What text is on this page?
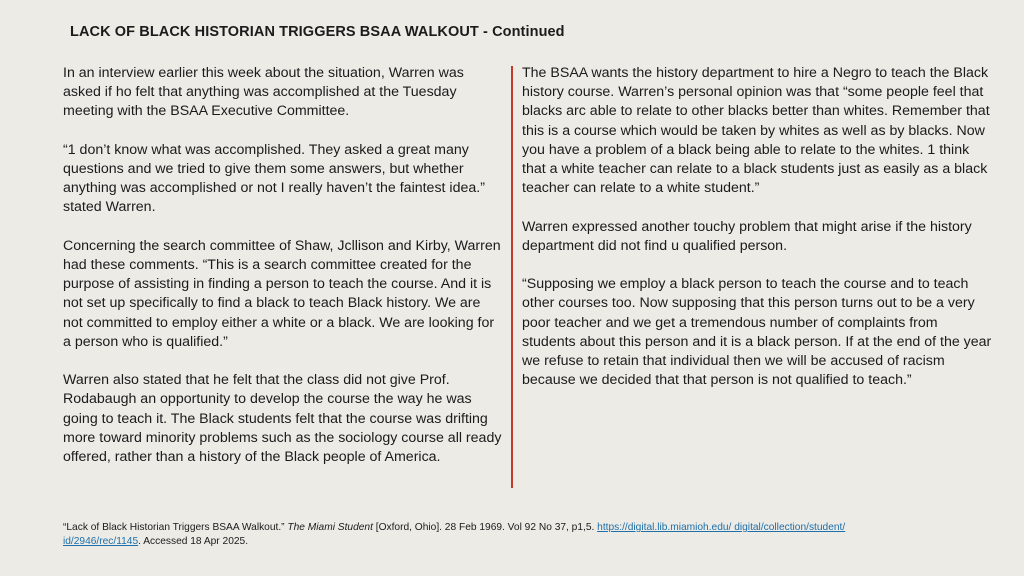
LACK OF BLACK HISTORIAN TRIGGERS BSAA WALKOUT - Continued

In an interview earlier this week about the situation, Warren was asked if ho felt that anything was accomplished at the Tuesday meeting with the BSAA Executive Committee.

“1 don’t know what was accomplished. They asked a great many questions and we tried to give them some answers, but whether anything was accomplished or not I really haven’t the faintest idea.” stated Warren.

Concerning the search committee of Shaw, Jcllison and Kirby, Warren had these comments. “This is a search committee created for the purpose of assisting in finding a person to teach the course. And it is not set up specifically to find a black to teach Black history. We are not committed to employ either a white or a black. We are looking for a person who is qualified.”

Warren also stated that he felt that the class did not give Prof. Rodabaugh an opportunity to develop the course the way he was going to teach it. The Black students felt that the course was drifting more toward minority problems such as the sociology course all ready offered, rather than a history of the Black people of America.

The BSAA wants the history department to hire a Negro to teach the Black history course. Warren’s personal opinion was that “some people feel that blacks arc able to relate to other blacks better than whites. Remember that this is a course which would be taken by whites as well as by blacks. Now you have a problem of a black being able to relate to the whites. 1 think that a white teacher can relate to a black students just as easily as a black teacher can relate to a white student.”

Warren expressed another touchy problem that might arise if the history department did not find u qualified person.

“Supposing we employ a black person to teach the course and to teach other courses too. Now supposing that this person turns out to be a very poor teacher and we get a tremendous number of complaints from students about this person and it is a black person. If at the end of the year we refuse to retain that individual then we will be accused of racism because we decided that that person is not qualified to teach.”

“Lack of Black Historian Triggers BSAA Walkout.” The Miami Student [Oxford, Ohio]. 28 Feb 1969. Vol 92 No 37, p1,5. https://digital.lib.miamioh.edu/ digital/collection/student/
id/2946/rec/1145. Accessed 18 Apr 2025.
